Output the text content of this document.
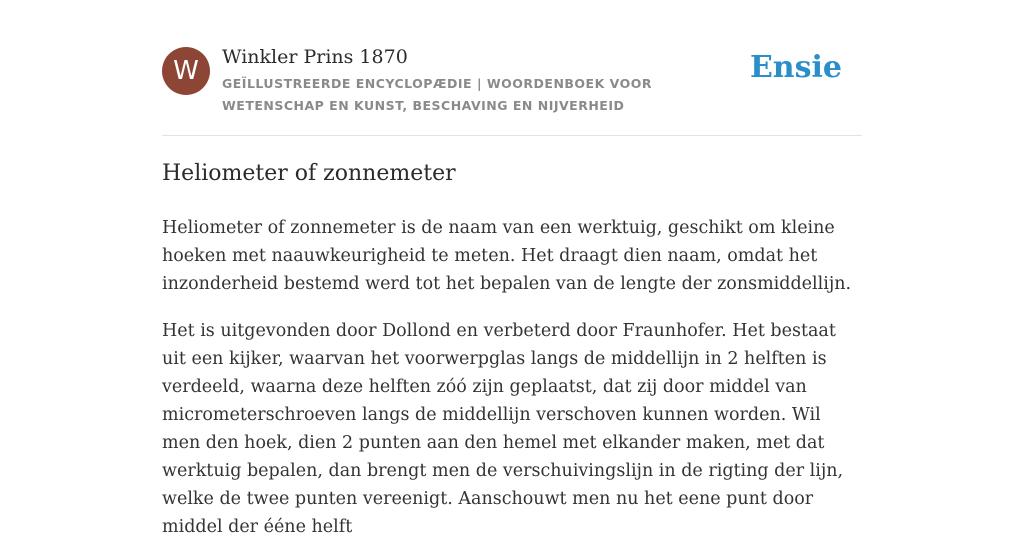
W	Winkler Prins 1870
GEÏLLUSTREERDE ENCYCLOPÆDIE | WOORDENBOEK VOOR WETENSCHAP EN KUNST, BESCHAVING EN NIJVERHEID
Ensie
Heliometer of zonnemeter

Heliometer of zonnemeter is de naam van een werktuig, geschikt om kleine hoeken met naauwkeurigheid te meten. Het draagt dien naam, omdat het inzonderheid bestemd werd tot het bepalen van de lengte der zonsmiddellijn.

Het is uitgevonden door Dollond en verbeterd door Fraunhofer. Het bestaat uit een kijker, waarvan het voorwerpglas langs de middellijn in 2 helften is verdeeld, waarna deze helften zóó zijn geplaatst, dat zij door middel van micrometerschroeven langs de middellijn verschoven kunnen worden. Wil men den hoek, dien 2 punten aan den hemel met elkander maken, met dat werktuig bepalen, dan brengt men de verschuivingslijn in de rigting der lijn, welke de twee punten vereenigt. Aanschouwt men nu het eene punt door middel der ééne helft
